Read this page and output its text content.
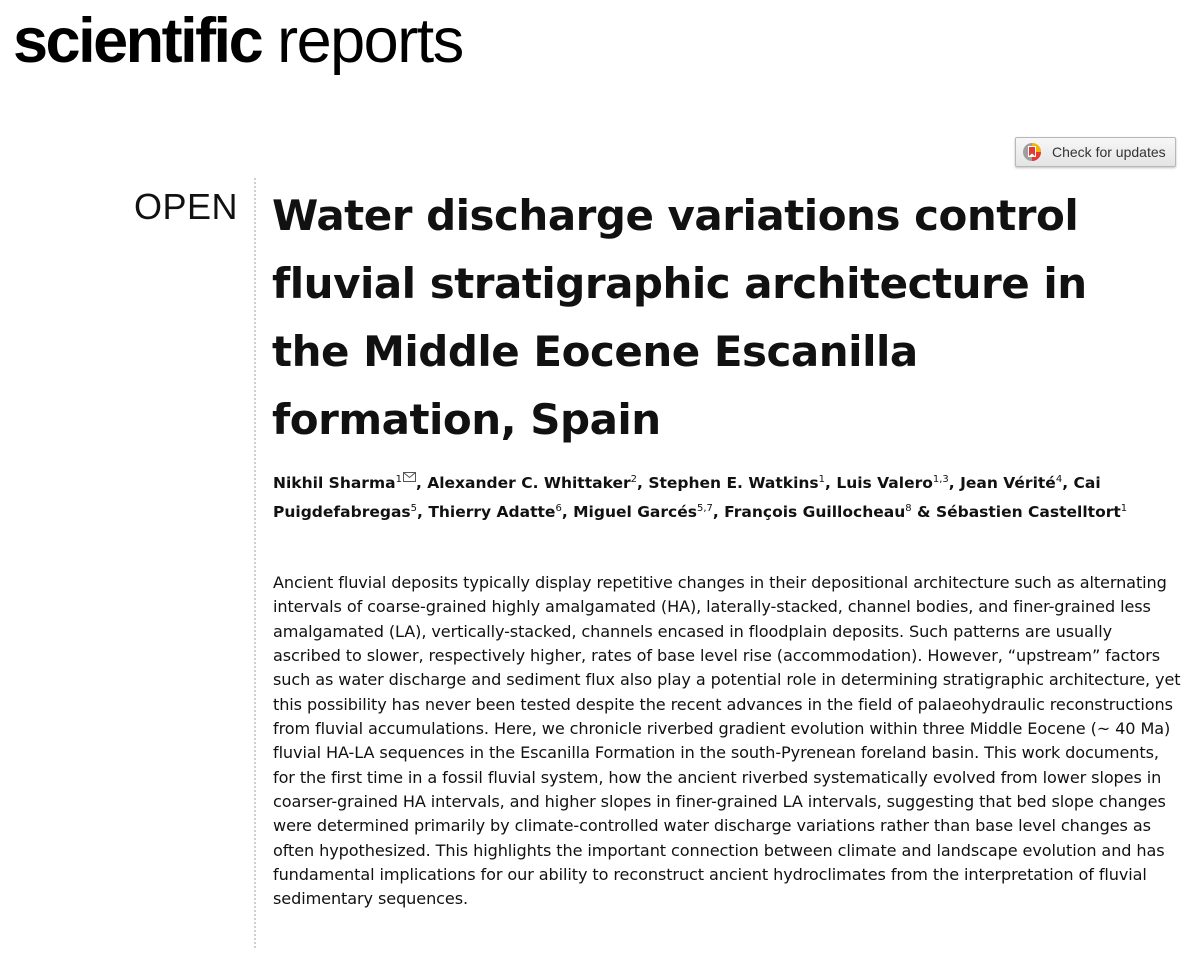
scientific reports
Check for updates
OPEN Water discharge variations control fluvial stratigraphic architecture in the Middle Eocene Escanilla formation, Spain
Nikhil Sharma$^1$ , Alexander C. Whittaker$^2$, Stephen E. Watkins$^1$, Luis Valero$^{1,3}$, Jean Vérité$^4$, Cai Puigdefabregas$^5$, Thierry Adatte$^6$, Miguel Garcés$^{5,7}$, François Guillocheau$^8$ & Sébastien Castelltort$^1$

Ancient fluvial deposits typically display repetitive changes in their depositional architecture such as alternating intervals of coarse-grained highly amalgamated (HA), laterally-stacked, channel bodies, and finer-grained less amalgamated (LA), vertically-stacked, channels encased in floodplain deposits. Such patterns are usually ascribed to slower, respectively higher, rates of base level rise (accommodation). However, “upstream” factors such as water discharge and sediment flux also play a potential role in determining stratigraphic architecture, yet this possibility has never been tested despite the recent advances in the field of palaeohydraulic reconstructions from fluvial accumulations. Here, we chronicle riverbed gradient evolution within three Middle Eocene (~ 40 Ma) fluvial HA-LA sequences in the Escanilla Formation in the south-Pyrenean foreland basin. This work documents, for the first time in a fossil fluvial system, how the ancient riverbed systematically evolved from lower slopes in coarser-grained HA intervals, and higher slopes in finer-grained LA intervals, suggesting that bed slope changes were determined primarily by climate-controlled water discharge variations rather than base level changes as often hypothesized. This highlights the important connection between climate and landscape evolution and has fundamental implications for our ability to reconstruct ancient hydroclimates from the interpretation of fluvial sedimentary sequences.
